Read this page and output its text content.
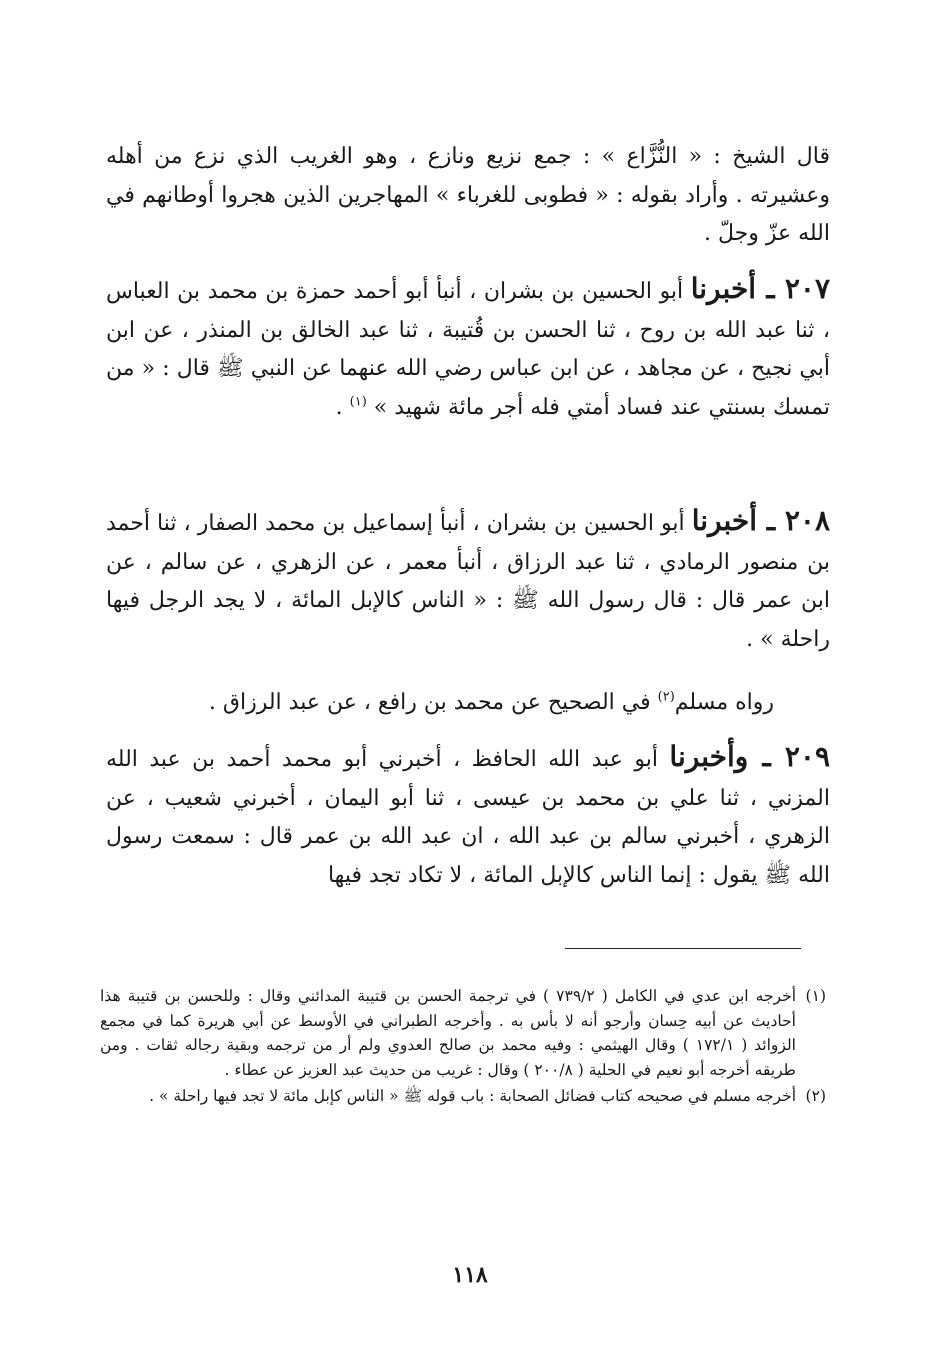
قال الشيخ : « النُّزَّاع » : جمع نزيع ونازع ، وهو الغريب الذي نزع من أهله وعشيرته . وأراد بقوله : « فطوبى للغرباء » المهاجرين الذين هجروا أوطانهم في الله عزّ وجلّ .

٢٠٧ ـ أخبرنا أبو الحسين بن بشران ، أنبأ أبو أحمد حمزة بن محمد بن العباس ، ثنا عبد الله بن روح ، ثنا الحسن بن قُتيبة ، ثنا عبد الخالق بن المنذر ، عن ابن أبي نجيح ، عن مجاهد ، عن ابن عباس رضي الله عنهما عن النبي ﷺ قال : « من تمسك بسنتي عند فساد أمتي فله أجر مائة شهيد » $^{(١)}$ .

٢٠٨ ـ أخبرنا أبو الحسين بن بشران ، أنبأ إسماعيل بن محمد الصفار ، ثنا أحمد بن منصور الرمادي ، ثنا عبد الرزاق ، أنبأ معمر ، عن الزهري ، عن سالم ، عن ابن عمر قال : قال رسول الله ﷺ : « الناس كالإبل المائة ، لا يجد الرجل فيها راحلة » .

رواه مسلم$^{(٢)}$ في الصحيح عن محمد بن رافع ، عن عبد الرزاق .

٢٠٩ ـ وأخبرنا أبو عبد الله الحافظ ، أخبرني أبو محمد أحمد بن عبد الله المزني ، ثنا علي بن محمد بن عيسى ، ثنا أبو اليمان ، أخبرني شعيب ، عن الزهري ، أخبرني سالم بن عبد الله ، ان عبد الله بن عمر قال : سمعت رسول الله ﷺ يقول : إنما الناس كالإبل المائة ، لا تكاد تجد فيها

(١)
أخرجه ابن عدي في الكامل ( ٧٣٩/٢ ) في ترجمة الحسن بن قتيبة المدائني وقال : وللحسن بن قتيبة هذا أحاديث عن أبيه حِسان وأرجو أنه لا بأس به . وأخرجه الطبراني في الأوسط عن أبي هريرة كما في مجمع الزوائد ( ١٧٢/١ ) وقال الهيثمي : وفيه محمد بن صالح العدوي ولم أر من ترجمه وبقية رجاله ثقات . ومن طريقه أخرجه أبو نعيم في الحلية ( ٢٠٠/٨ ) وقال : غريب من حديث عبد العزيز عن عطاء .

(٢)
أخرجه مسلم في صحيحه كتاب فضائل الصحابة : باب قوله ﷺ « الناس كإبل مائة لا تجد فيها راحلة » .

١١٨
